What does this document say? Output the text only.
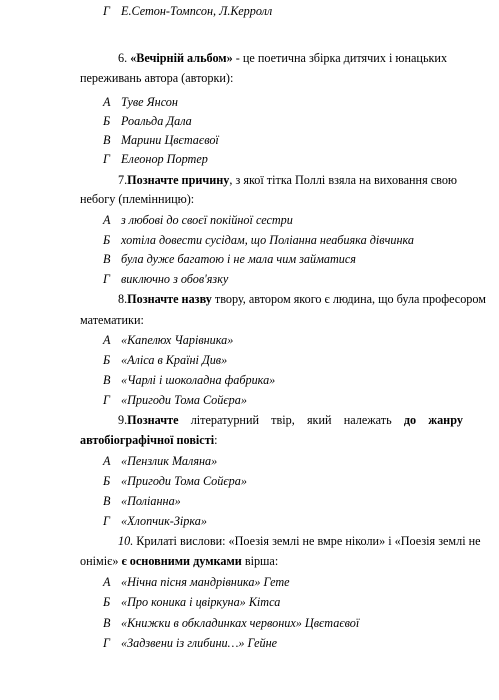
Г Е.Сетон-Томпсон, Л.Керролл
6. «Вечірній альбом» - це поетична збірка дитячих і юнацьких
переживань автора (авторки):
А Туве Янсон
Б Роальда Дала
В Марини Цвєтаєвої
Г Елеонор Портер
7.Позначте причину, з якої тітка Поллі взяла на виховання свою
небогу (племінницю):
А з любові до своєї покійної сестри
Б хотіла довести сусідам, що Поліанна неабияка дівчинка
В була дуже багатою і не мала чим займатися
Г виключно з обов'язку
8.Позначте назву твору, автором якого є людина, що була професором
математики:
А «Капелюх Чарівника»
Б «Аліса в Країні Див»
В «Чарлі і шоколадна фабрика»
Г «Пригоди Тома Сойєра»
9.Позначте літературний твір, який належать до жанру
автобіографічної повісті:
А «Пензлик Маляна»
Б «Пригоди Тома Сойєра»
В «Поліанна»
Г «Хлопчик-Зірка»
10. Крилаті вислови: «Поезія землі не вмре ніколи» і «Поезія землі не
оніміє» є основними думками вірша:
А «Нічна пісня мандрівника» Гете
Б «Про коника і цвіркуна» Кітса
В «Книжки в обкладинках червоних» Цвєтаєвої
Г «Задзвени із глибини…» Гейне
